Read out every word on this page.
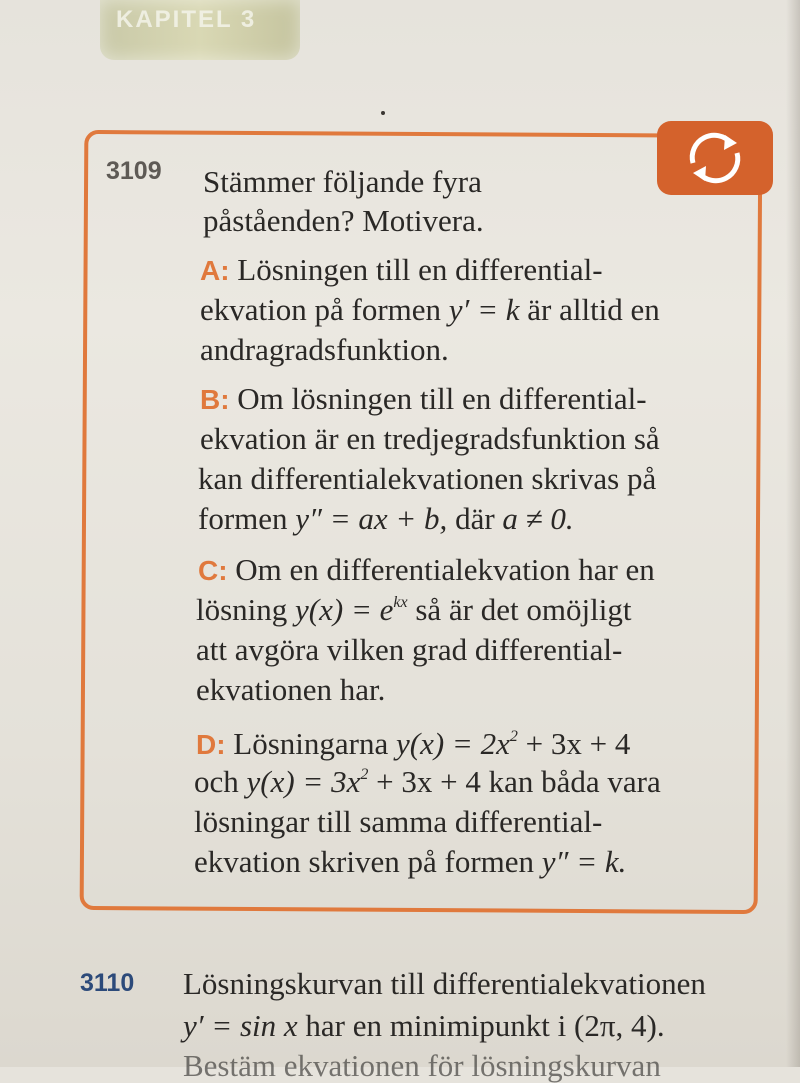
KAPITEL 3
3109 Stämmer följande fyra
påståenden? Motivera.
A: Lösningen till en differential-
ekvation på formen y′ = k är alltid en
andragradsfunktion.
B: Om lösningen till en differential-
ekvation är en tredjegradsfunktion så
kan differentialekvationen skrivas på
formen y″ = ax + b, där a ≠ 0.
C: Om en differentialekvation har en
lösning $y(x) = e^{kx}$ så är det omöjligt
att avgöra vilken grad differential-
ekvationen har.
D: Lösningarna $y(x) = 2x^2 + 3x + 4$
och $y(x) = 3x^2 + 3x + 4$ kan båda vara
lösningar till samma differential-
ekvation skriven på formen y″ = k.
3110 Lösningskurvan till differentialekvationen
y′ = sin x har en minimipunkt i (2π, 4).
Bestäm ekvationen för lösningskurvan
